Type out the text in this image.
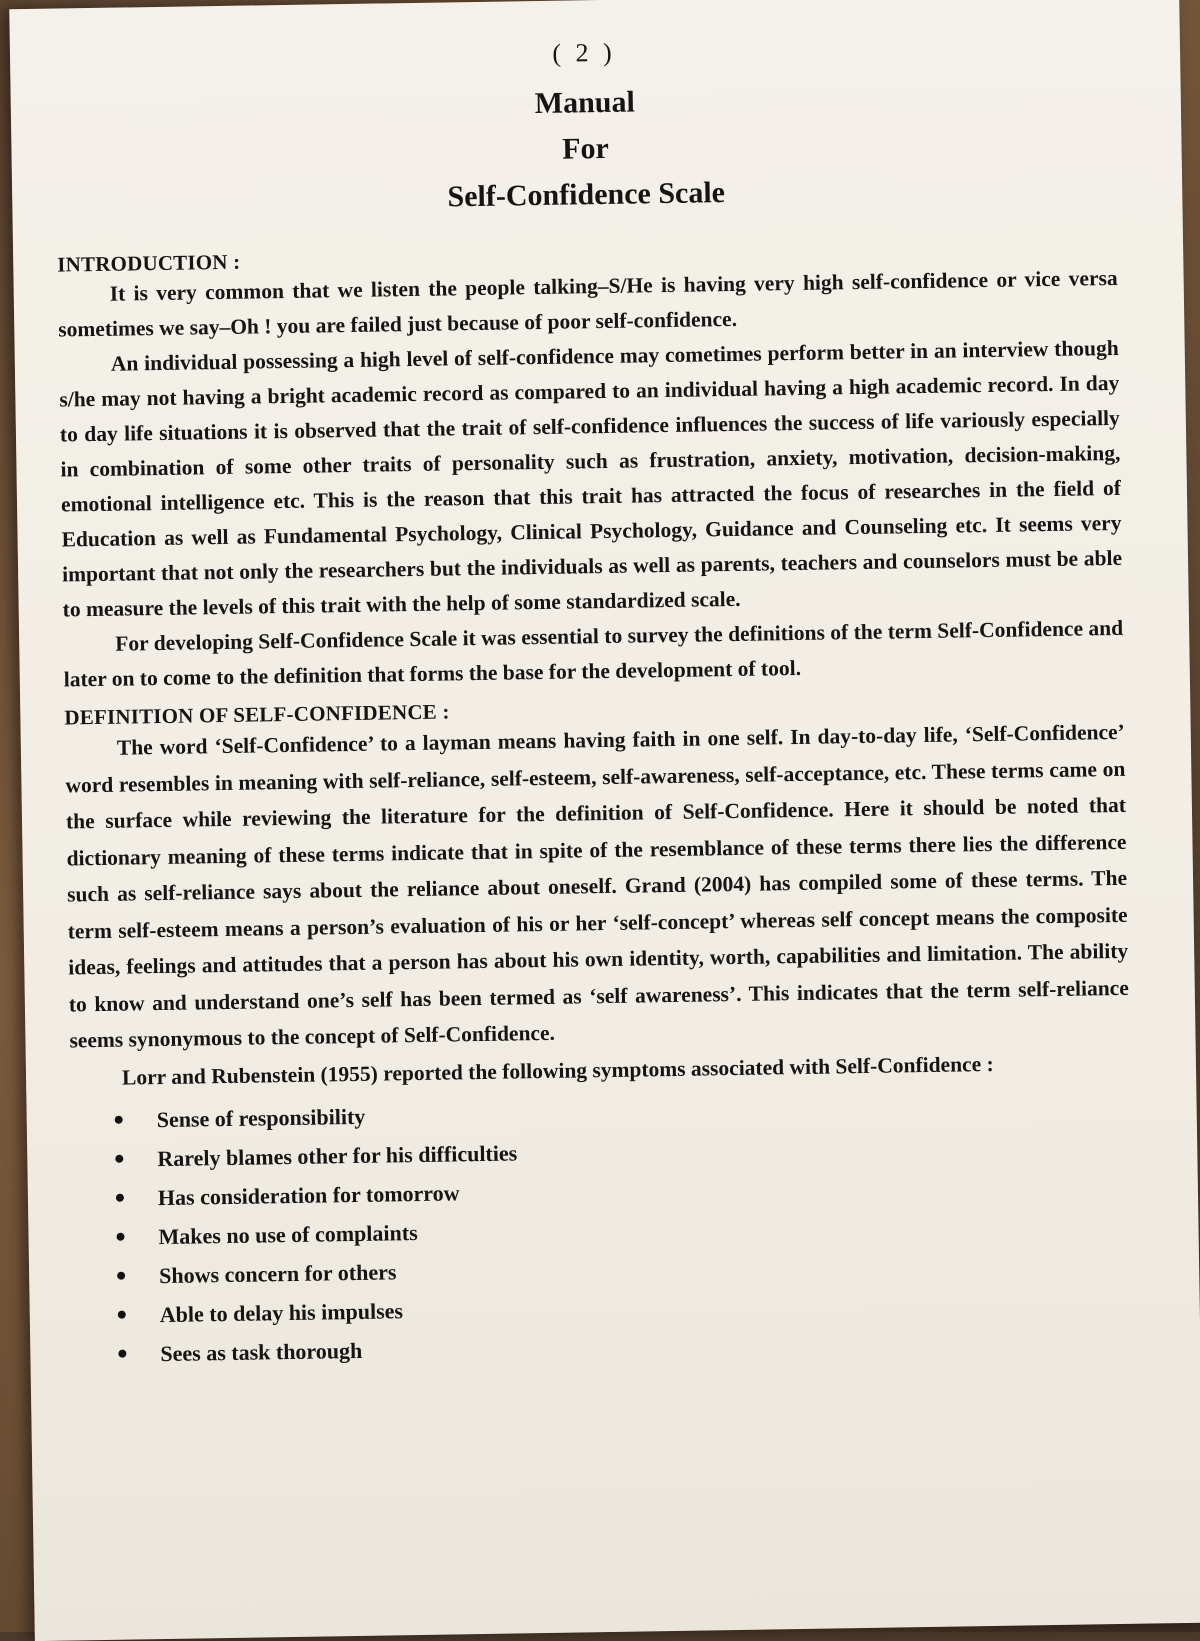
( 2 )
Manual
For
Self-Confidence Scale
INTRODUCTION :

It is very common that we listen the people talking–S/He is having very high self-confidence or vice versa sometimes we say–Oh ! you are failed just because of poor self-confidence.

An individual possessing a high level of self-confidence may cometimes perform better in an interview though s/he may not having a bright academic record as compared to an individual having a high academic record. In day to day life situations it is observed that the trait of self-confidence influences the success of life variously especially in combination of some other traits of personality such as frustration, anxiety, motivation, decision-making, emotional intelligence etc. This is the reason that this trait has attracted the focus of researches in the field of Education as well as Fundamental Psychology, Clinical Psychology, Guidance and Counseling etc. It seems very important that not only the researchers but the individuals as well as parents, teachers and counselors must be able to measure the levels of this trait with the help of some standardized scale.

For developing Self-Confidence Scale it was essential to survey the definitions of the term Self-Confidence and later on to come to the definition that forms the base for the development of tool.

DEFINITION OF SELF-CONFIDENCE :

The word ‘Self-Confidence’ to a layman means having faith in one self. In day-to-day life, ‘Self-Confidence’ word resembles in meaning with self-reliance, self-esteem, self-awareness, self-acceptance, etc. These terms came on the surface while reviewing the literature for the definition of Self-Confidence. Here it should be noted that dictionary meaning of these terms indicate that in spite of the resemblance of these terms there lies the difference such as self-reliance says about the reliance about oneself. Grand (2004) has compiled some of these terms. The term self-esteem means a person’s evaluation of his or her ‘self-concept’ whereas self concept means the composite ideas, feelings and attitudes that a person has about his own identity, worth, capabilities and limitation. The ability to know and understand one’s self has been termed as ‘self awareness’. This indicates that the term self-reliance seems synonymous to the concept of Self-Confidence.

Lorr and Rubenstein (1955) reported the following symptoms associated with Self-Confidence :

Sense of responsibility
Rarely blames other for his difficulties
Has consideration for tomorrow
Makes no use of complaints
Shows concern for others
Able to delay his impulses
Sees as task thorough
